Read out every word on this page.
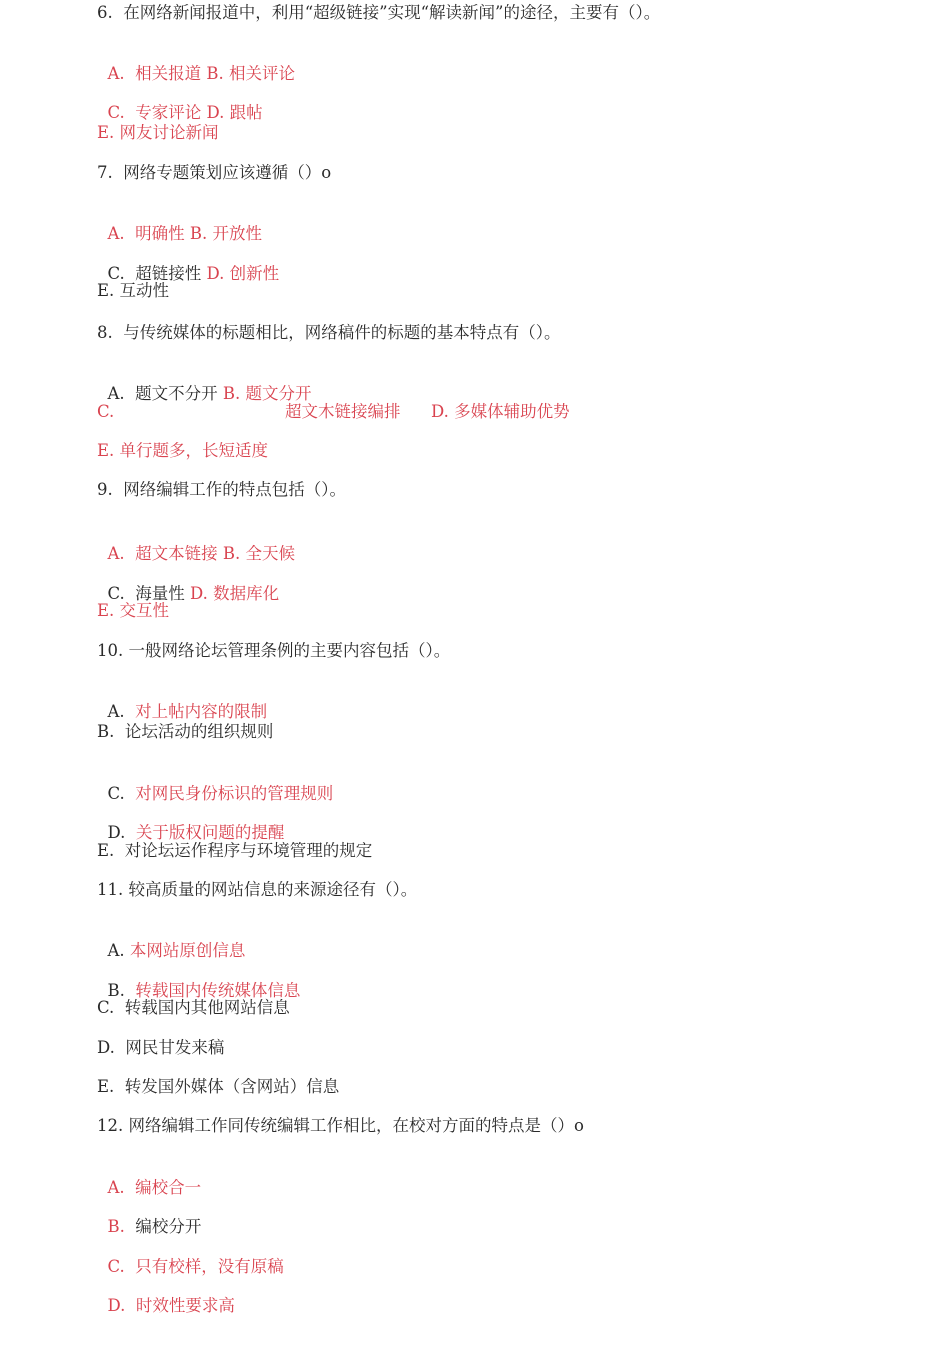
6.  在网络新闻报道中，利用“超级链接”实现“解读新闻”的途径，主要有（）。

A.  相关报道 B. 相关评论

C.  专家评论 D. 跟帖

E. 网友讨论新闻
7.  网络专题策划应该遵循（）o

A.  明确性 B. 开放性

C.  超链接性 D. 创新性

E. 互动性
8.  与传统媒体的标题相比，网络稿件的标题的基本特点有（）。

A.  题文不分开 B. 题文分开

C.	超文木链接编排 D. 多媒体辅助优势
E. 单行题多，长短适度
9.  网络编辑工作的特点包括（）。

A.  超文本链接 B. 全天候

C.  海量性 D. 数据库化

E. 交互性
10. 一般网络论坛管理条例的主要内容包括（）。

A.  对上帖内容的限制

B.  论坛活动的组织规则

C.  对网民身份标识的管理规则

D.  关于版权问题的提醒

E.  对论坛运作程序与环境管理的规定
11. 较高质量的网站信息的来源途径有（）。

A. 本网站原创信息

B.  转载国内传统媒体信息

C.  转载国内其他网站信息
D.  网民甘发来稿
E.  转发国外媒体（含网站）信息
12. 网络编辑工作同传统编辑工作相比，在校对方面的特点是（）o

A.  编校合一

B.  编校分开

C.  只有校样，没有原稿

D.  时效性要求高
